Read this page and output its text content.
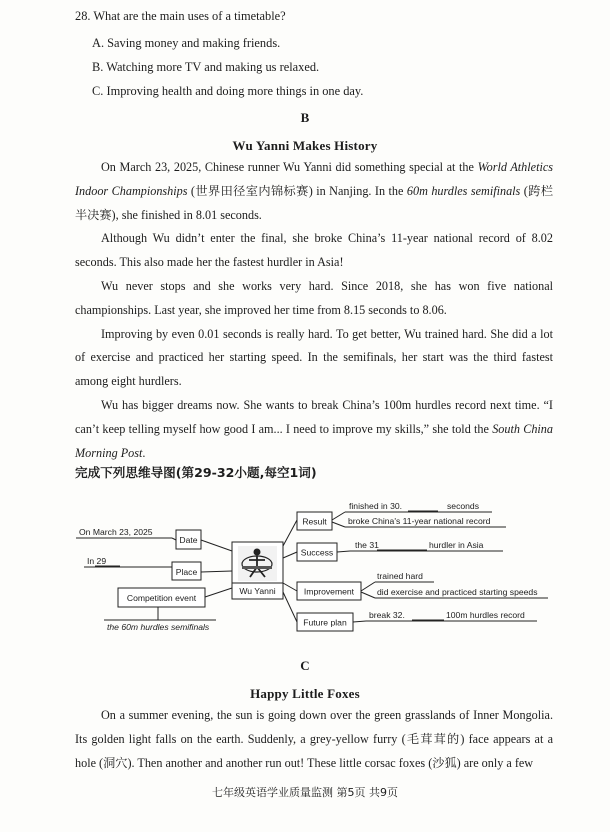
28. What are the main uses of a timetable?
A. Saving money and making friends.
B. Watching more TV and making us relaxed.
C. Improving health and doing more things in one day.
B
Wu Yanni Makes History

On March 23, 2025, Chinese runner Wu Yanni did something special at the World Athletics Indoor Championships (世界田径室内锦标赛) in Nanjing. In the 60m hurdles semifinals (跨栏半决赛), she finished in 8.01 seconds.

Although Wu didn’t enter the final, she broke China’s 11-year national record of 8.02 seconds. This also made her the fastest hurdler in Asia!

Wu never stops and she works very hard. Since 2018, she has won five national championships. Last year, she improved her time from 8.15 seconds to 8.06.

Improving by even 0.01 seconds is really hard. To get better, Wu trained hard. She did a lot of exercise and practiced her starting speed. In the semifinals, her start was the third fastest among eight hurdlers.

Wu has bigger dreams now. She wants to break China’s 100m hurdles record next time. “I can’t keep telling myself how good I am... I need to improve my skills,” she told the South China Morning Post.

完成下列思维导图(第29-32小题,每空1词)
Date
Place
Competition event
Wu Yanni
Result
Success
Improvement
Future plan
On March 23, 2025
In 29
the 60m hurdles semifinals
finished in 30.	seconds
broke China's 11-year national record
the 31	hurdler in Asia
trained hard
did exercise and practiced starting speeds
break 32.	100m hurdles record
C
Happy Little Foxes

On a summer evening, the sun is going down over the green grasslands of Inner Mongolia. Its golden light falls on the earth. Suddenly, a grey-yellow furry (毛茸茸的) face appears at a hole (洞穴). Then another and another run out! These little corsac foxes (沙狐) are only a few

七年级英语学业质量监测 第5页 共9页
